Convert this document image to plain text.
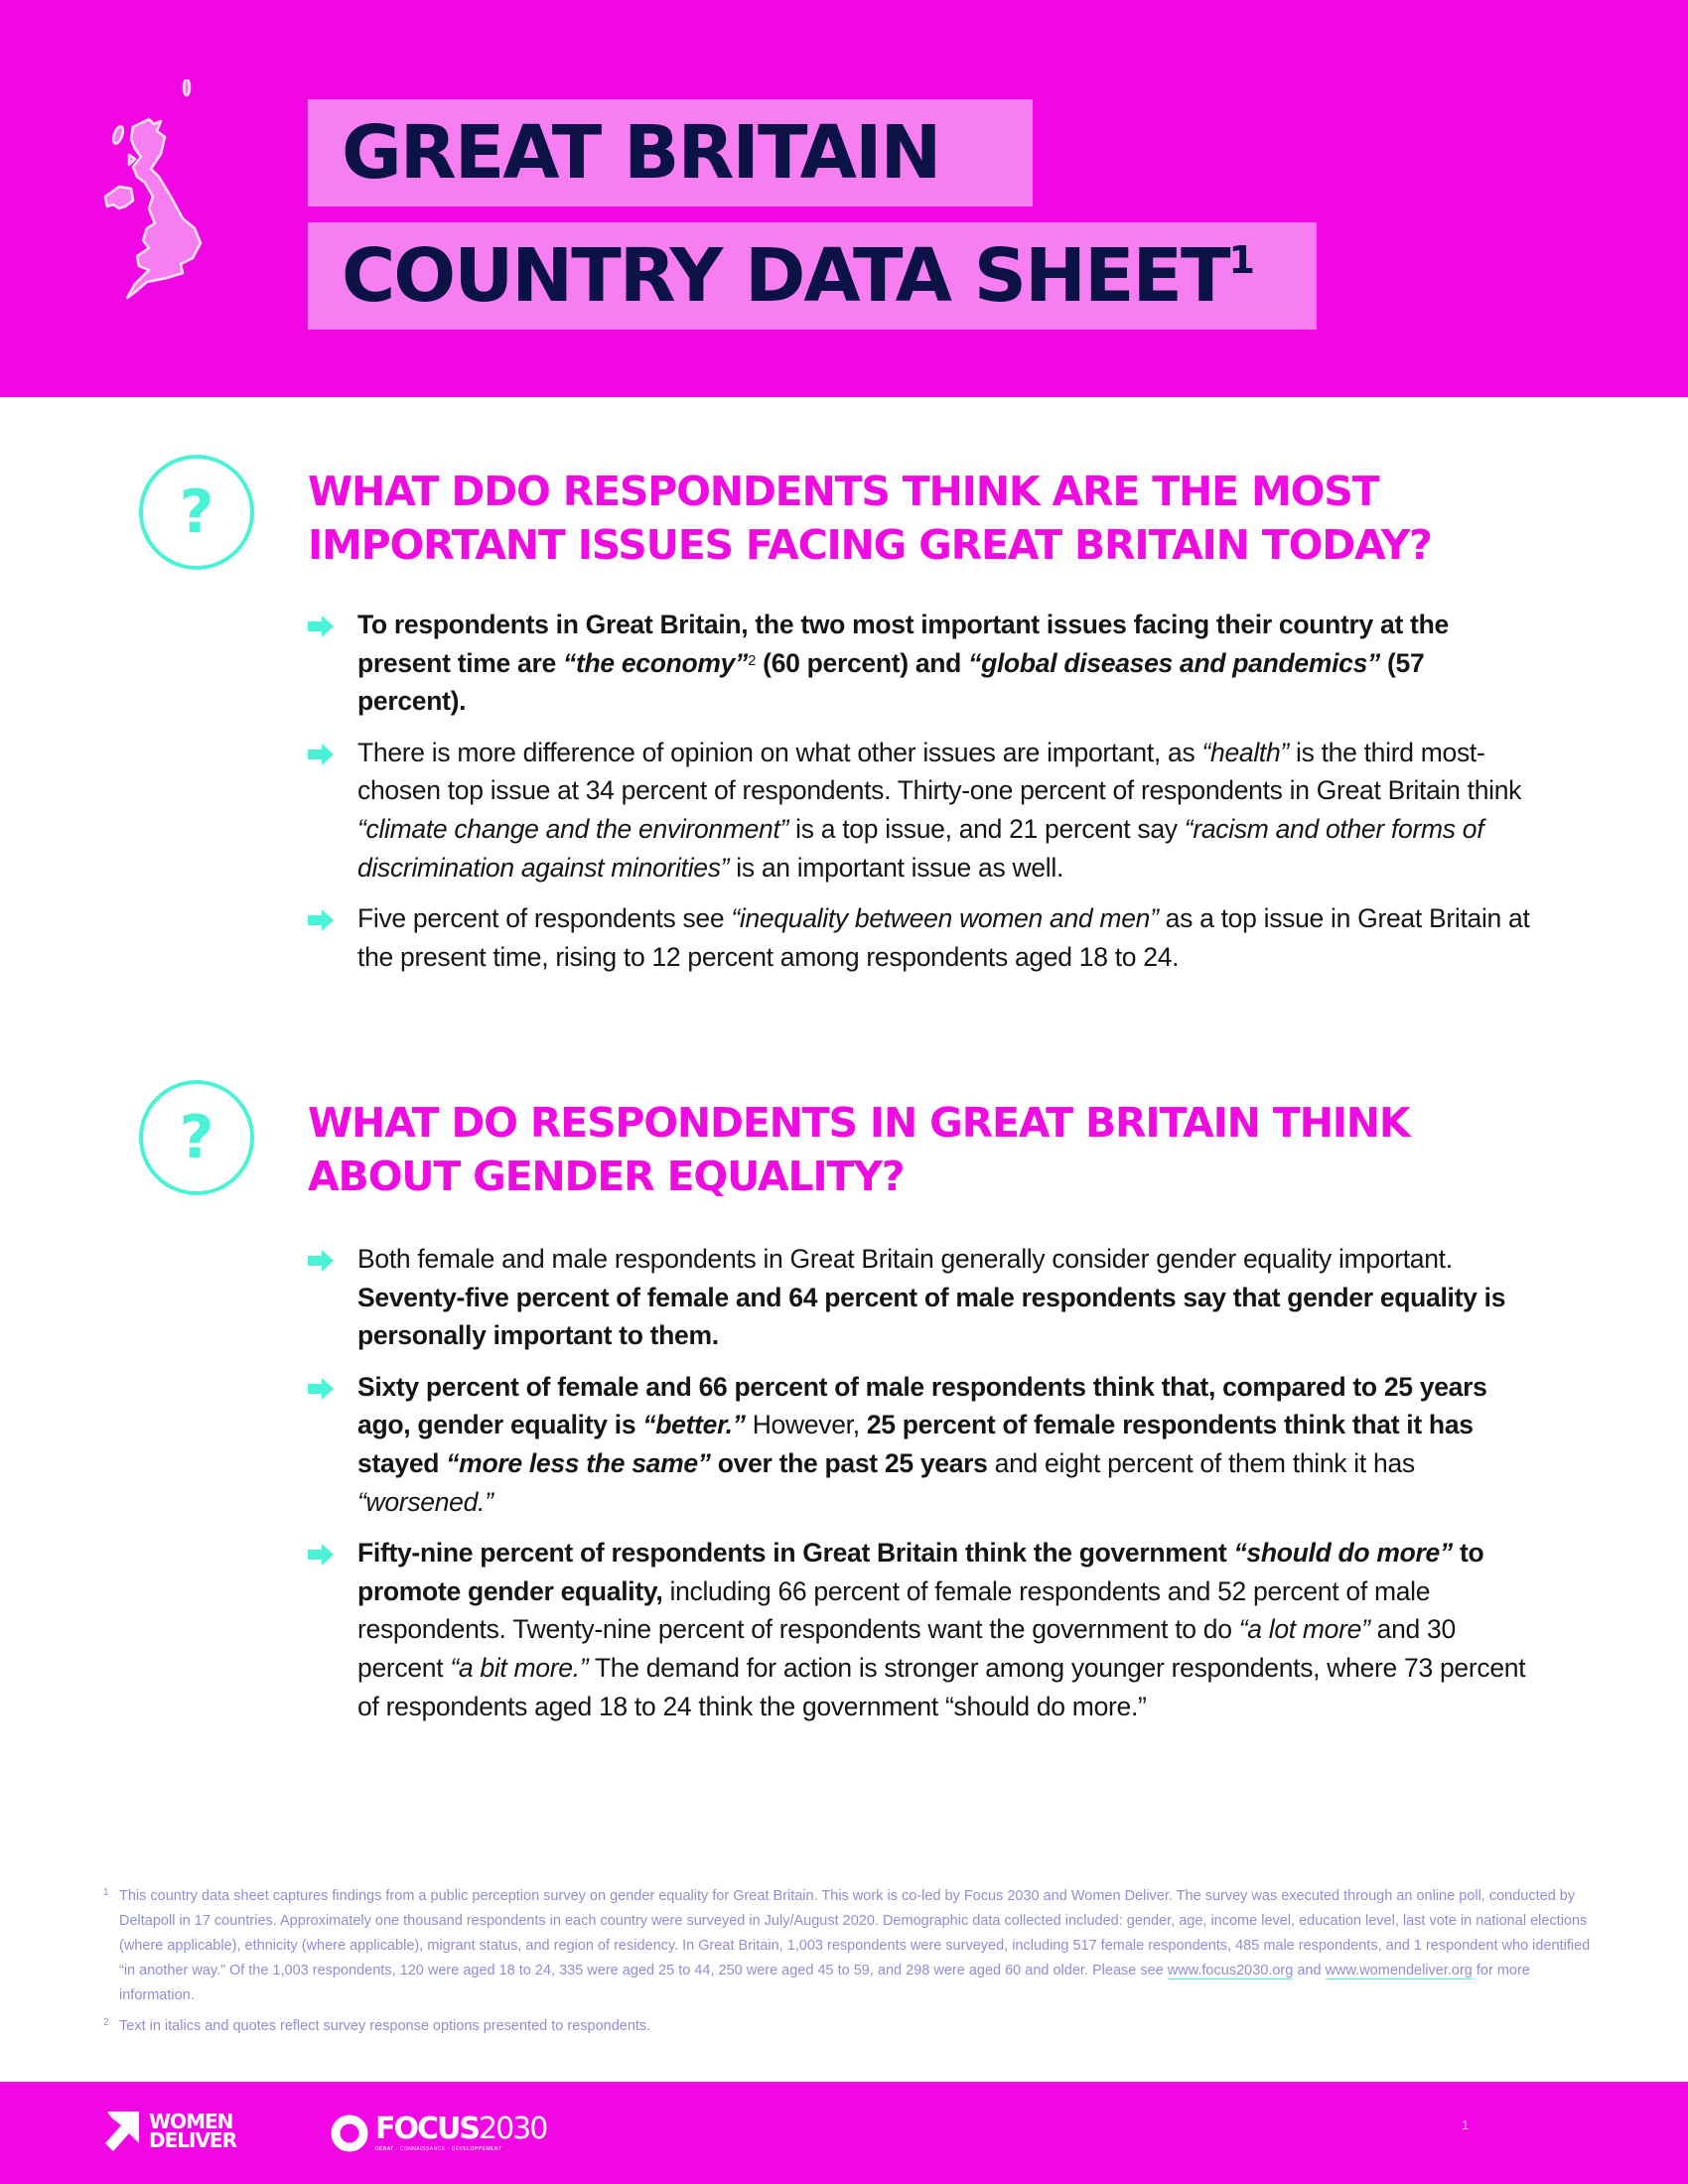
GREAT BRITAIN
COUNTRY DATA SHEET$^1$
?	WHAT DDO RESPONDENTS THINK ARE THE MOST
IMPORTANT ISSUES FACING GREAT BRITAIN TODAY?
To respondents in Great Britain, the two most important issues facing their country at the present time are “the economy”$^2$ (60 percent) and “global diseases and pandemics” (57 percent).
There is more difference of opinion on what other issues are important, as “health” is the third most-chosen top issue at 34 percent of respondents. Thirty-one percent of respondents in Great Britain think “climate change and the environment” is a top issue, and 21 percent say “racism and other forms of discrimination against minorities” is an important issue as well.
Five percent of respondents see “inequality between women and men” as a top issue in Great Britain at the present time, rising to 12 percent among respondents aged 18 to 24.
?	WHAT DO RESPONDENTS IN GREAT BRITAIN THINK
ABOUT GENDER EQUALITY?
Both female and male respondents in Great Britain generally consider gender equality important. Seventy-five percent of female and 64 percent of male respondents say that gender equality is personally important to them.
Sixty percent of female and 66 percent of male respondents think that, compared to 25 years ago, gender equality is “better.” However, 25 percent of female respondents think that it has stayed “more less the same” over the past 25 years and eight percent of them think it has “worsened.”
Fifty-nine percent of respondents in Great Britain think the government “should do more” to promote gender equality, including 66 percent of female respondents and 52 percent of male respondents. Twenty-nine percent of respondents want the government to do “a lot more” and 30 percent “a bit more.” The demand for action is stronger among younger respondents, where 73 percent of respondents aged 18 to 24 think the government “should do more.”
1 This country data sheet captures findings from a public perception survey on gender equality for Great Britain. This work is co-led by Focus 2030 and Women Deliver. The survey was executed through an online poll, conducted by Deltapoll in 17 countries. Approximately one thousand respondents in each country were surveyed in July/August 2020. Demographic data collected included: gender, age, income level, education level, last vote in national elections (where applicable), ethnicity (where applicable), migrant status, and region of residency. In Great Britain, 1,003 respondents were surveyed, including 517 female respondents, 485 male respondents, and 1 respondent who identified “in another way.” Of the 1,003 respondents, 120 were aged 18 to 24, 335 were aged 25 to 44, 250 were aged 45 to 59, and 298 were aged 60 and older. Please see www.focus2030.org and www.womendeliver.org for more information.
2 Text in italics and quotes reflect survey response options presented to respondents.
WOMEN
DELIVER	FOCUS2030
DÉBAT · CONNAISSANCE · DÉVELOPPEMENT
1
